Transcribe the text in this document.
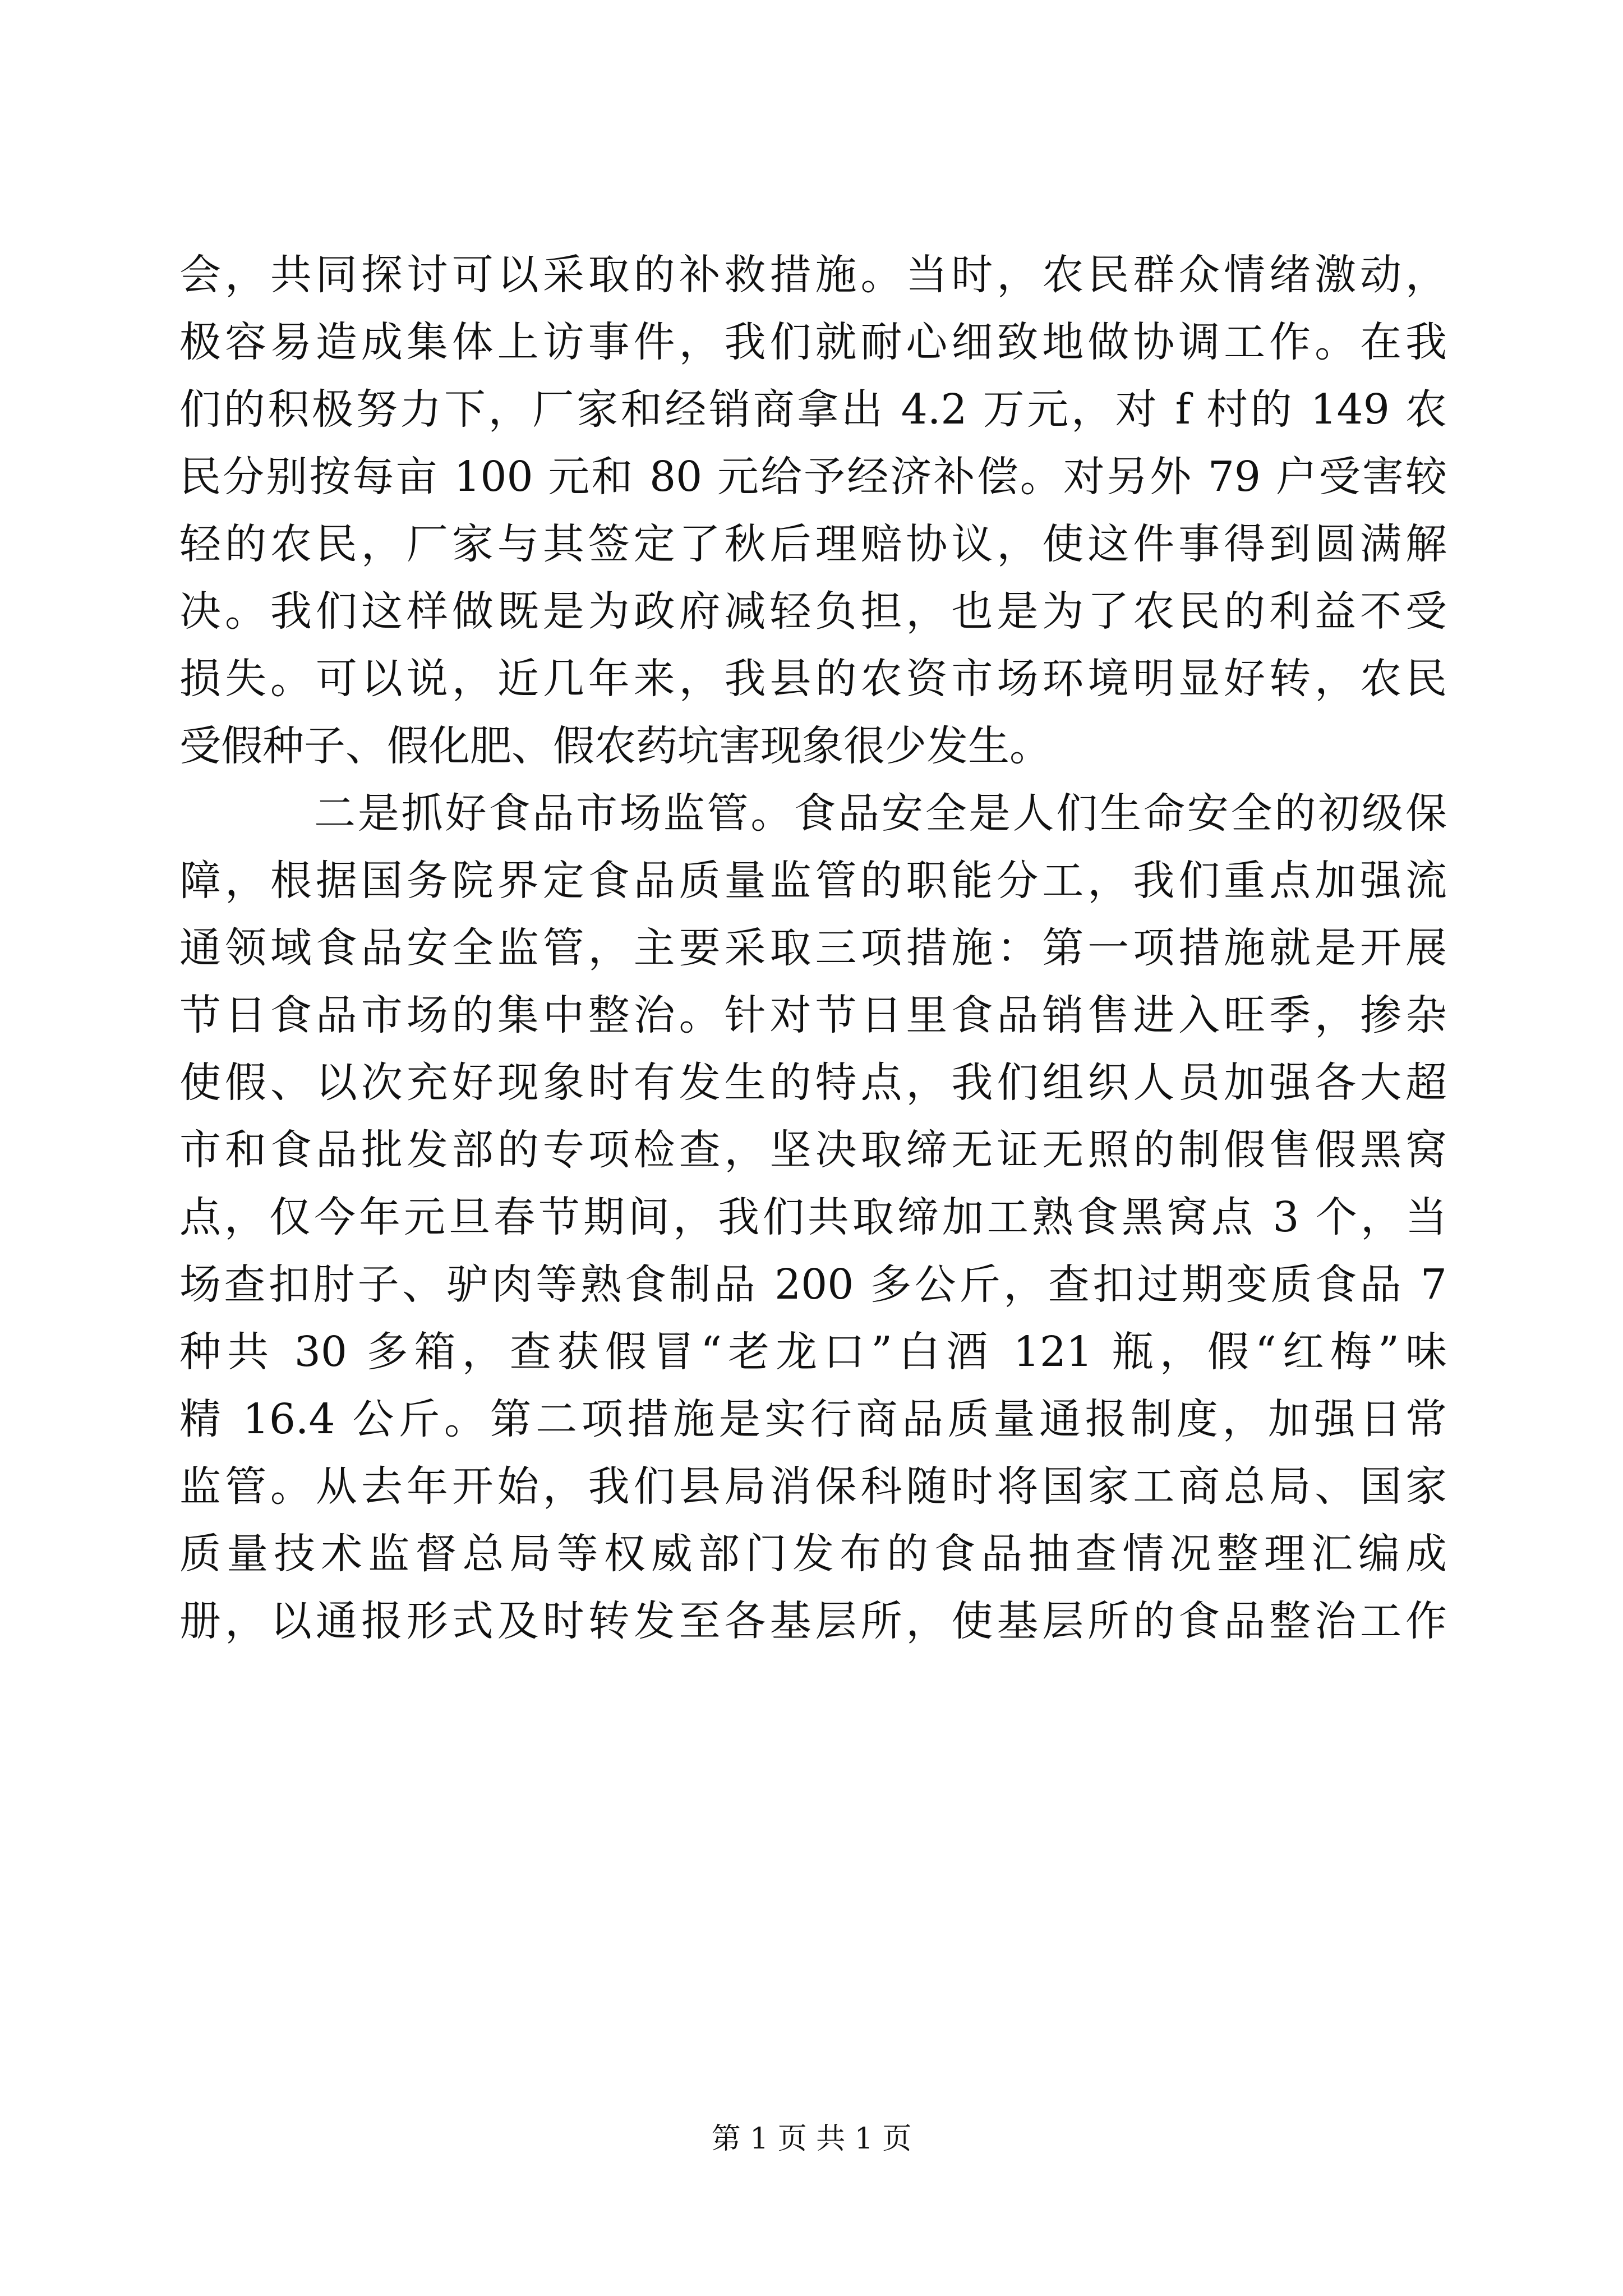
会，共同探讨可以采取的补救措施。当时，农民群众情绪激动，
极容易造成集体上访事件，我们就耐心细致地做协调工作。在我
们的积极努力下，厂家和经销商拿出 4.2 万元，对 f 村的 149 农
民分别按每亩 100 元和 80 元给予经济补偿。对另外 79 户受害较
轻的农民，厂家与其签定了秋后理赔协议，使这件事得到圆满解
决。我们这样做既是为政府减轻负担，也是为了农民的利益不受
损失。可以说，近几年来，我县的农资市场环境明显好转，农民
受假种子、假化肥、假农药坑害现象很少发生。
二是抓好食品市场监管。食品安全是人们生命安全的初级保
障，根据国务院界定食品质量监管的职能分工，我们重点加强流
通领域食品安全监管，主要采取三项措施：第一项措施就是开展
节日食品市场的集中整治。针对节日里食品销售进入旺季，掺杂
使假、以次充好现象时有发生的特点，我们组织人员加强各大超
市和食品批发部的专项检查，坚决取缔无证无照的制假售假黑窝
点，仅今年元旦春节期间，我们共取缔加工熟食黑窝点 3 个，当
场查扣肘子、驴肉等熟食制品 200 多公斤，查扣过期变质食品 7
种共 30 多箱，查获假冒“老龙口”白酒 121 瓶，假“红梅”味
精 16.4 公斤。第二项措施是实行商品质量通报制度，加强日常
监管。从去年开始，我们县局消保科随时将国家工商总局、国家
质量技术监督总局等权威部门发布的食品抽查情况整理汇编成
册，以通报形式及时转发至各基层所，使基层所的食品整治工作
第 1 页 共 1 页
